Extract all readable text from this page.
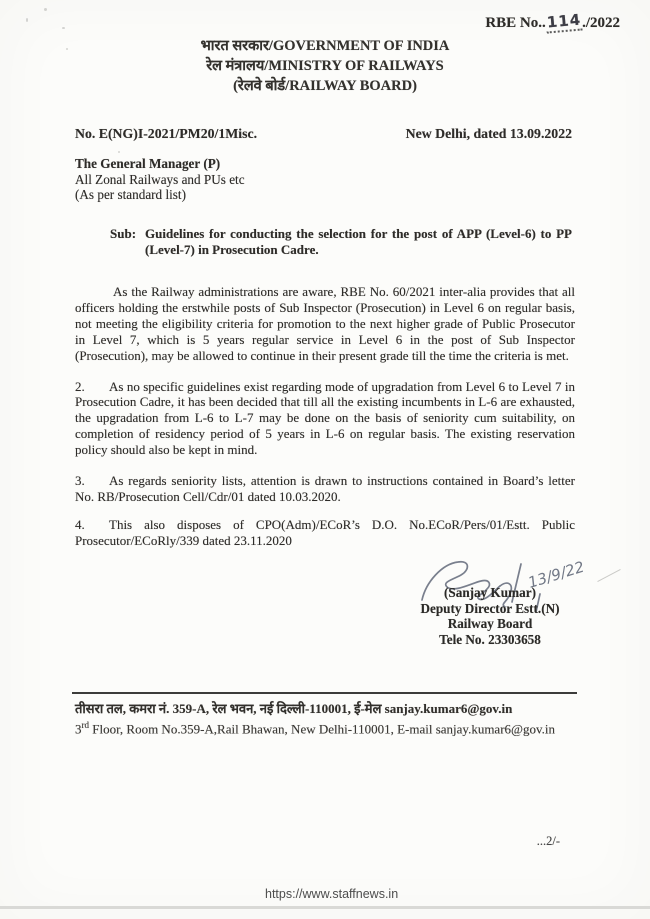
RBE No..114./2022
भारत सरकार/GOVERNMENT OF INDIA
रेल मंत्रालय/MINISTRY OF RAILWAYS
(रेलवे बोर्ड/RAILWAY BOARD)
No. E(NG)I-2021/PM20/1Misc.	New Delhi, dated 13.09.2022
The General Manager (P)
All Zonal Railways and PUs etc
(As per standard list)
Sub: Guidelines for conducting the selection for the post of APP (Level-6) to PP (Level-7) in Prosecution Cadre.

As the Railway administrations are aware, RBE No. 60/2021 inter-alia provides that all officers holding the erstwhile posts of Sub Inspector (Prosecution) in Level 6 on regular basis, not meeting the eligibility criteria for promotion to the next higher grade of Public Prosecutor in Level 7, which is 5 years regular service in Level 6 in the post of Sub Inspector (Prosecution), may be allowed to continue in their present grade till the time the criteria is met.

2. As no specific guidelines exist regarding mode of upgradation from Level 6 to Level 7 in Prosecution Cadre, it has been decided that till all the existing incumbents in L-6 are exhausted, the upgradation from L-6 to L-7 may be done on the basis of seniority cum suitability, on completion of residency period of 5 years in L-6 on regular basis. The existing reservation policy should also be kept in mind.

3. As regards seniority lists, attention is drawn to instructions contained in Board’s letter No. RB/Prosecution Cell/Cdr/01 dated 10.03.2020.

4. This also disposes of CPO(Adm)/ECoR’s D.O. No.ECoR/Pers/01/Estt. Public Prosecutor/ECoRly/339 dated 23.11.2020

13/9/22
(Sanjay Kumar)
Deputy Director Estt.(N)
Railway Board
Tele No. 23303658
तीसरा तल, कमरा नं. 359-A, रेल भवन, नई दिल्ली-110001, ई-मेल sanjay.kumar6@gov.in
3rd Floor, Room No.359-A,Rail Bhawan, New Delhi-110001, E-mail sanjay.kumar6@gov.in
...2/-
https://www.staffnews.in
